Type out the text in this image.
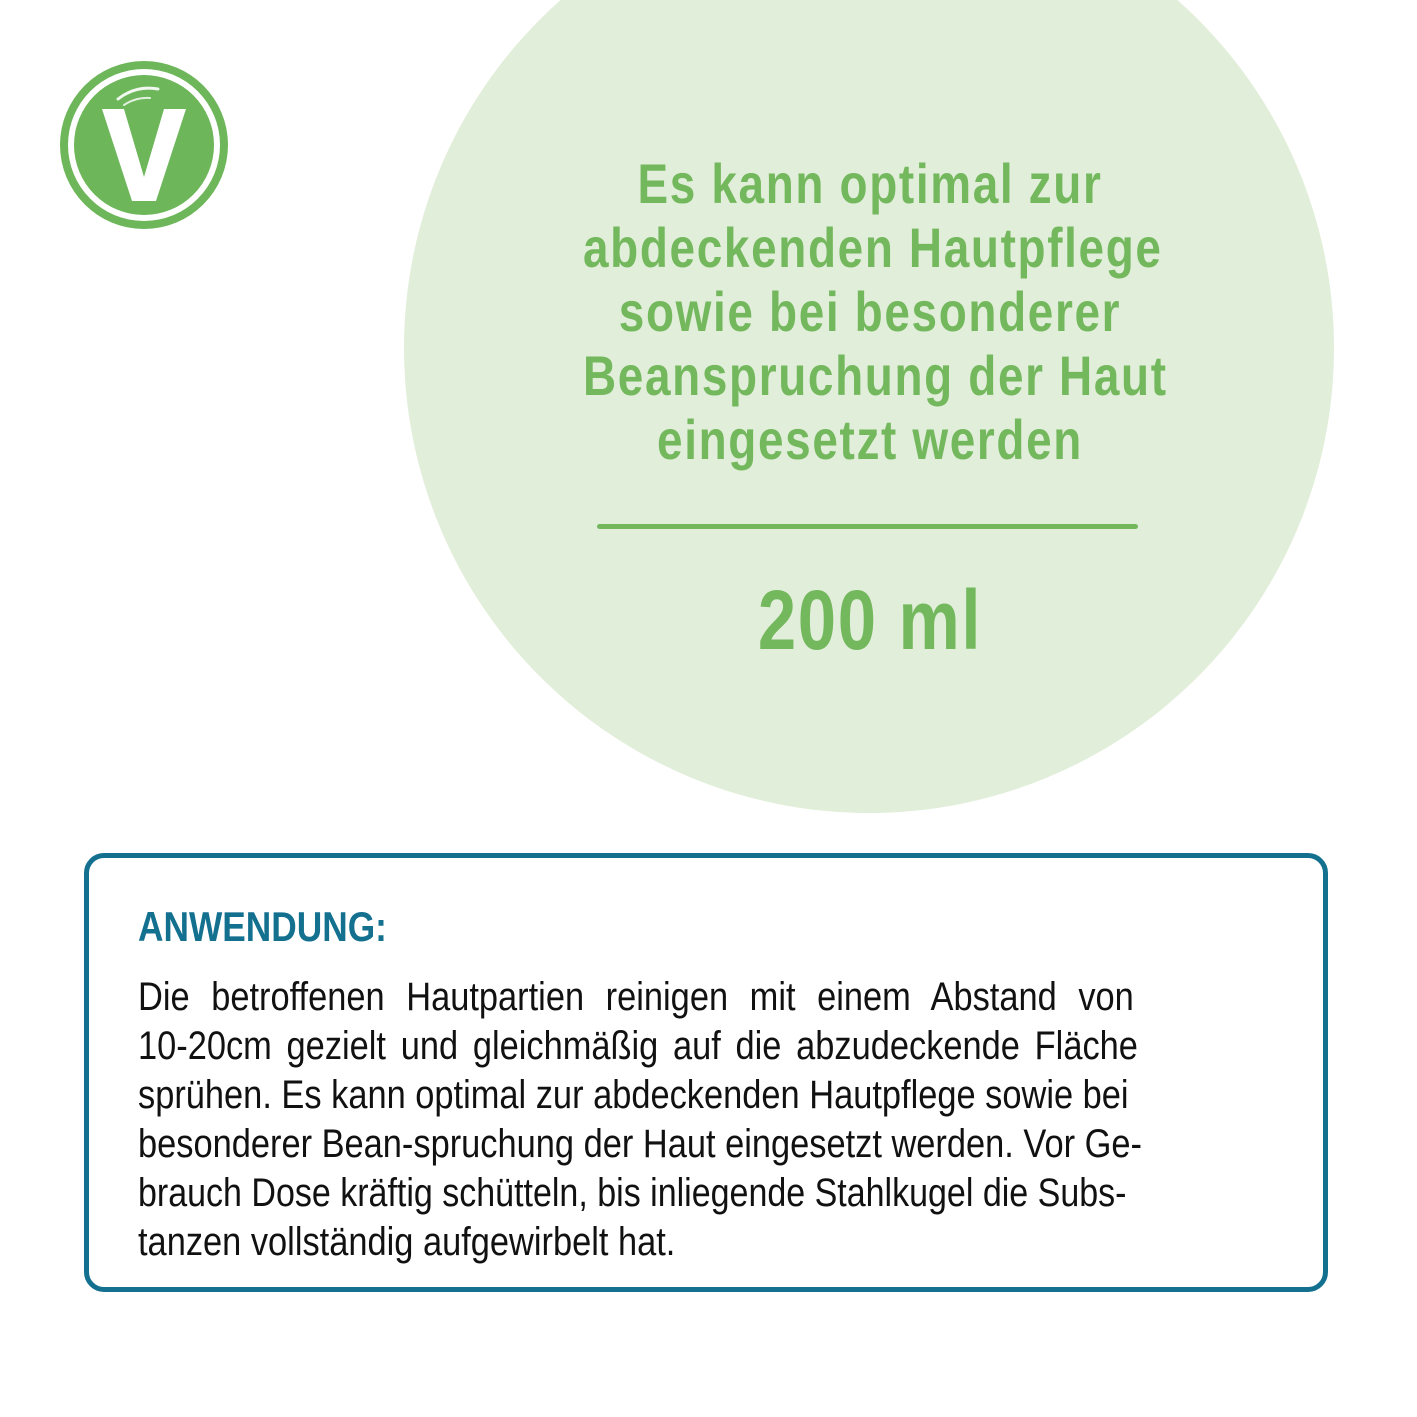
Es kann optimal zur
abdeckenden Hautpflege
sowie bei besonderer
Beanspruchung der Haut
eingesetzt werden
200 ml
ANWENDUNG:
Die betroffenen Hautpartien reinigen mit einem Abstand von
10-20cm gezielt und gleichmäßig auf die abzudeckende Fläche
sprühen. Es kann optimal zur abdeckenden Hautpflege sowie bei
besonderer Bean-spruchung der Haut eingesetzt werden. Vor Ge-
brauch Dose kräftig schütteln, bis inliegende Stahlkugel die Subs-
tanzen vollständig aufgewirbelt hat.
